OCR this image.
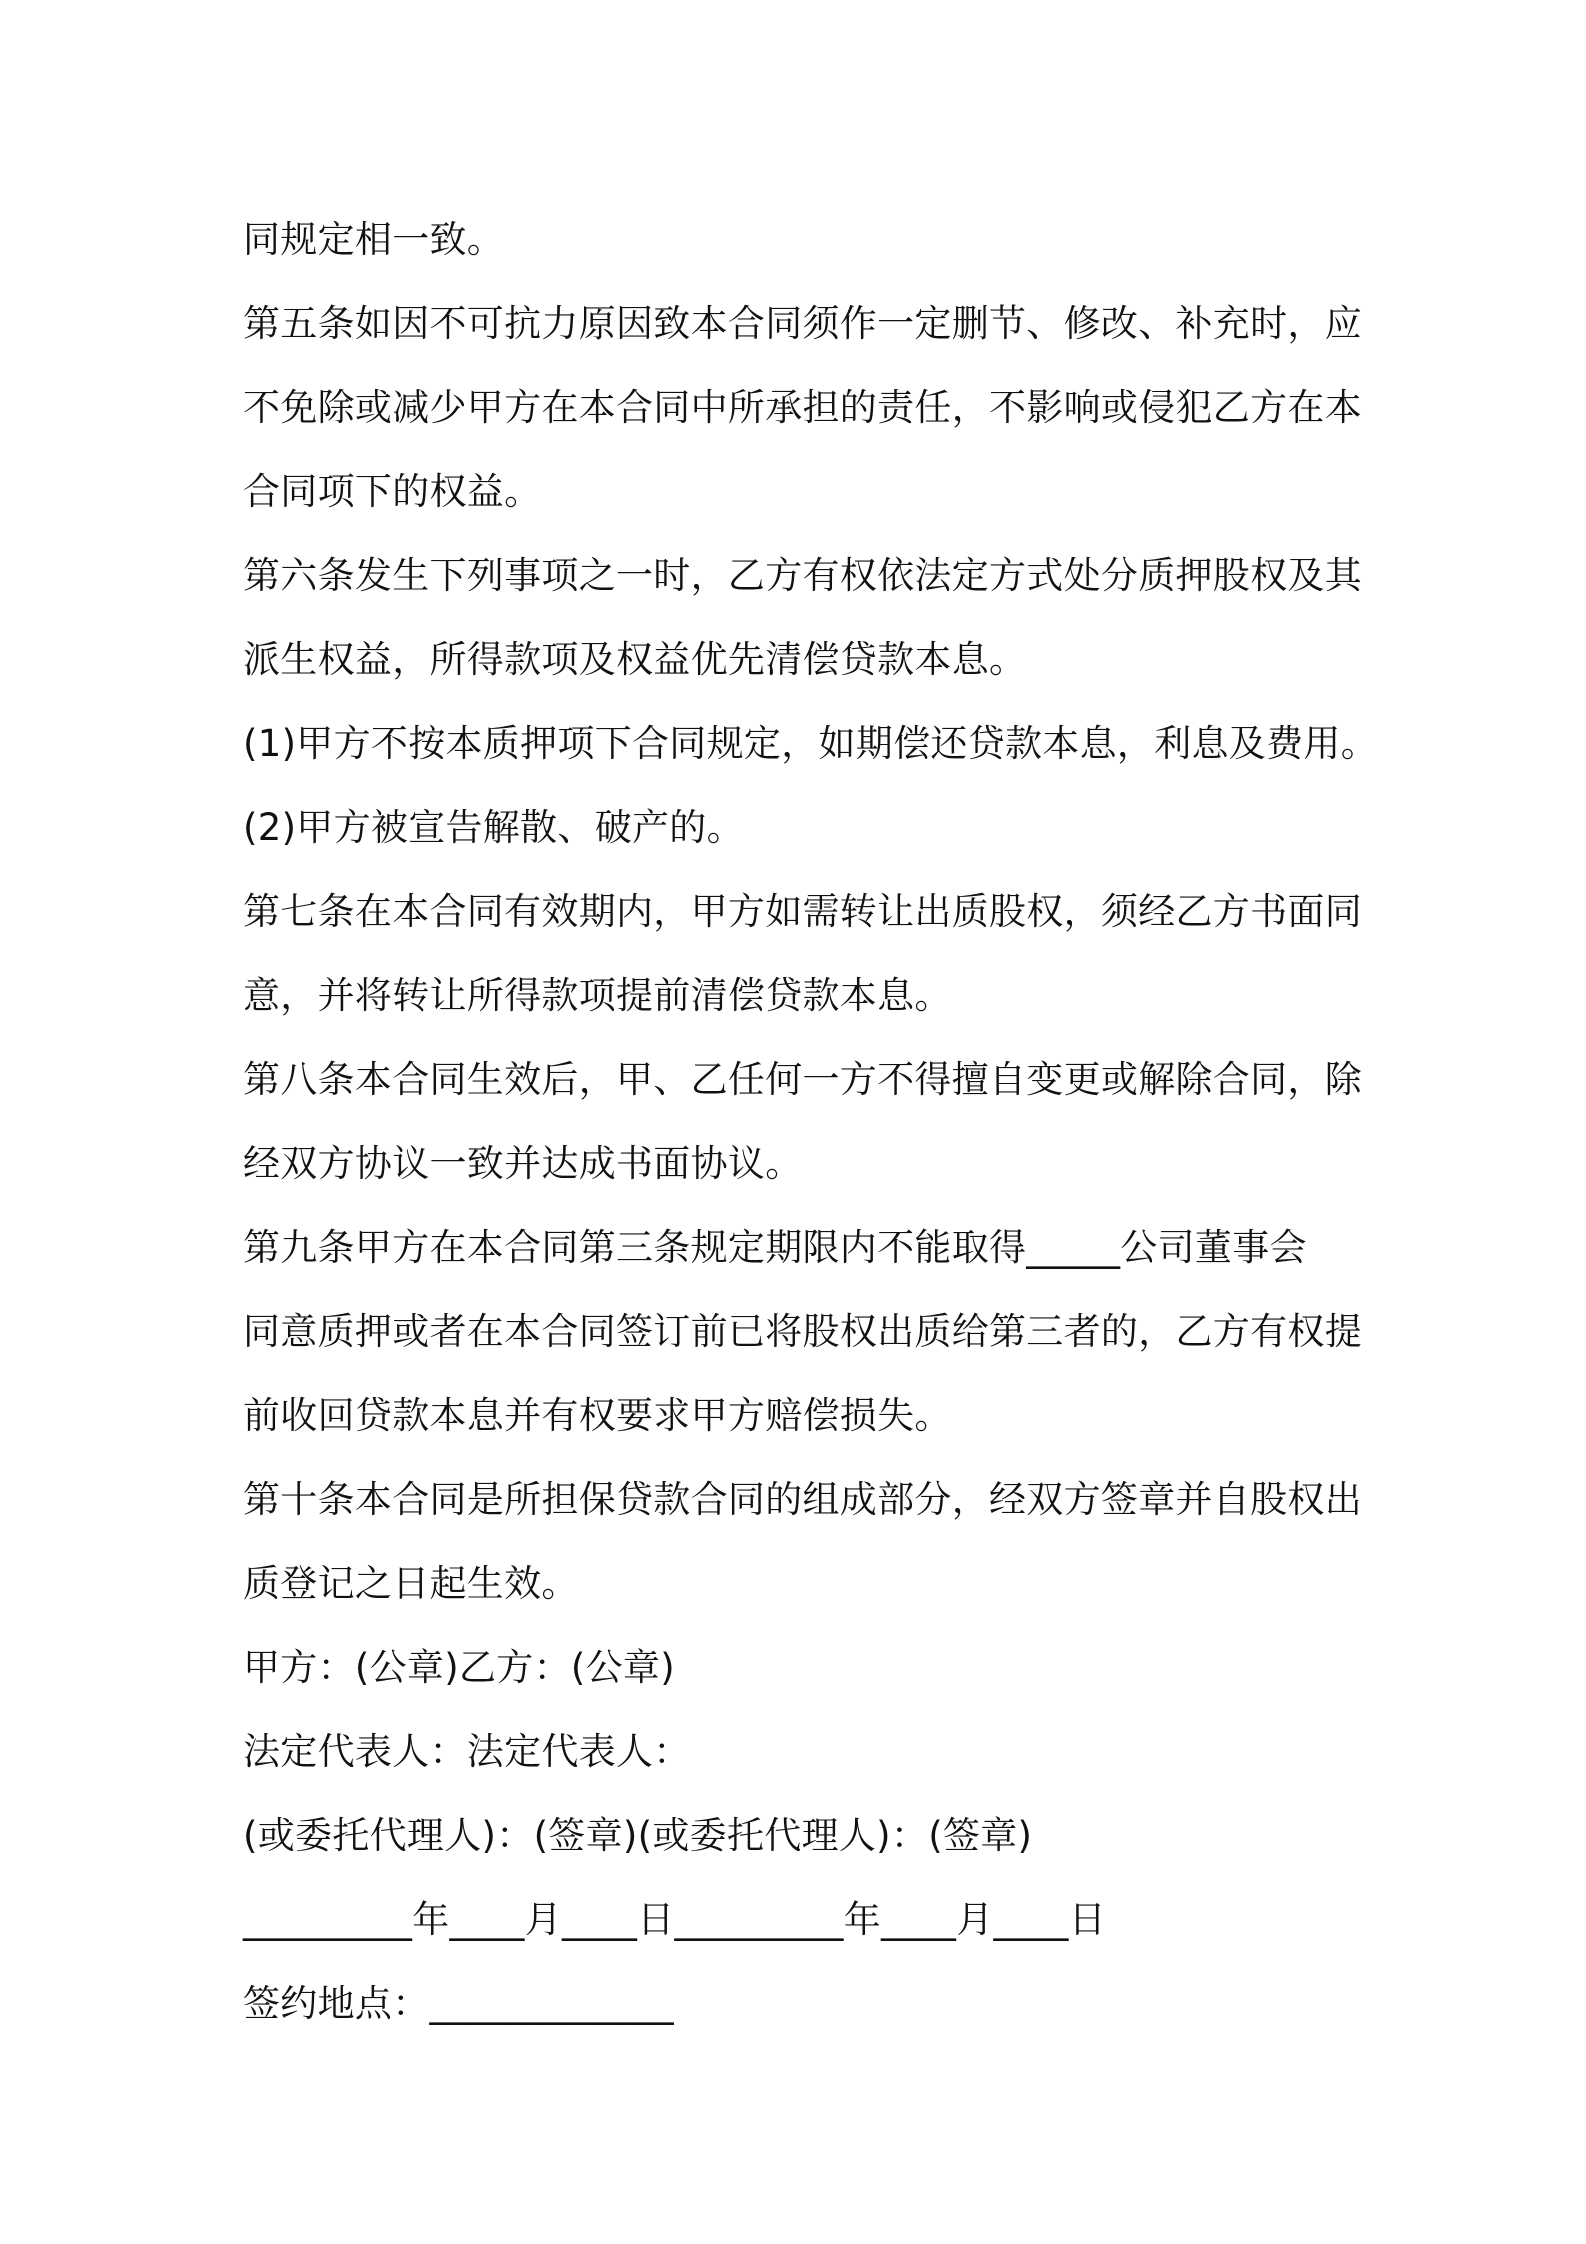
同规定相一致。
第五条如因不可抗力原因致本合同须作一定删节、修改、补充时，应
不免除或减少甲方在本合同中所承担的责任，不影响或侵犯乙方在本
合同项下的权益。
第六条发生下列事项之一时，乙方有权依法定方式处分质押股权及其
派生权益，所得款项及权益优先清偿贷款本息。
(1)甲方不按本质押项下合同规定，如期偿还贷款本息，利息及费用。
(2)甲方被宣告解散、破产的。
第七条在本合同有效期内，甲方如需转让出质股权，须经乙方书面同
意，并将转让所得款项提前清偿贷款本息。
第八条本合同生效后，甲、乙任何一方不得擅自变更或解除合同，除
经双方协议一致并达成书面协议。
第九条甲方在本合同第三条规定期限内不能取得_____公司董事会
同意质押或者在本合同签订前已将股权出质给第三者的，乙方有权提
前收回贷款本息并有权要求甲方赔偿损失。
第十条本合同是所担保贷款合同的组成部分，经双方签章并自股权出
质登记之日起生效。
甲方：(公章)乙方：(公章)
法定代表人：法定代表人：
(或委托代理人)：(签章)(或委托代理人)：(签章)
_________年____月____日_________年____月____日
签约地点：_____________
